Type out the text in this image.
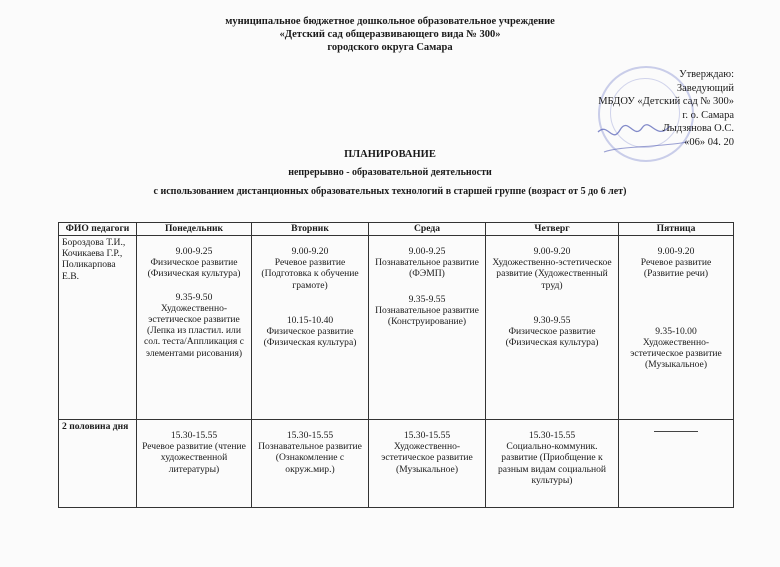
муниципальное бюджетное дошкольное образовательное учреждение
«Детский сад общеразвивающего вида № 300»
городского округа Самара
Утверждаю:
Заведующий
МБДОУ «Детский сад № 300»
г. о. Самара
Лыдзянова О.С.
«06» 04. 20
ПЛАНИРОВАНИЕ
непрерывно - образовательной деятельности
с использованием дистанционных образовательных технологий в старшей группе (возраст от 5 до 6 лет)
ФИО педагоги	Понедельник	Вторник	Среда	Четверг	Пятница
Бороздова Т.И., Кочикаева Г.Р., Поликарпова Е.В.	9.00-9.25
Физическое развитие (Физическая культура)
9.35-9.50
Художественно-эстетическое развитие (Лепка из пластил. или сол. теста/Аппликация с элементами рисования)	9.00-9.20
Речевое развитие (Подготовка к обучение грамоте)
10.15-10.40
Физическое развитие (Физическая культура)	9.00-9.25
Познавательное развитие (ФЭМП)
9.35-9.55
Познавательное развитие (Конструирование)	9.00-9.20
Художественно-эстетическое развитие (Художественный труд)
9.30-9.55
Физическое развитие (Физическая культура)	9.00-9.20
Речевое развитие (Развитие речи)
9.35-10.00
Художественно-эстетическое развитие (Музыкальное)

2 половина дня	15.30-15.55
Речевое развитие (чтение художественной литературы)	15.30-15.55
Познавательное развитие (Ознакомление с окруж.мир.)	15.30-15.55
Художественно-эстетическое развитие (Музыкальное)	15.30-15.55
Социально-коммуник. развитие (Приобщение к разным видам социальной культуры)	
